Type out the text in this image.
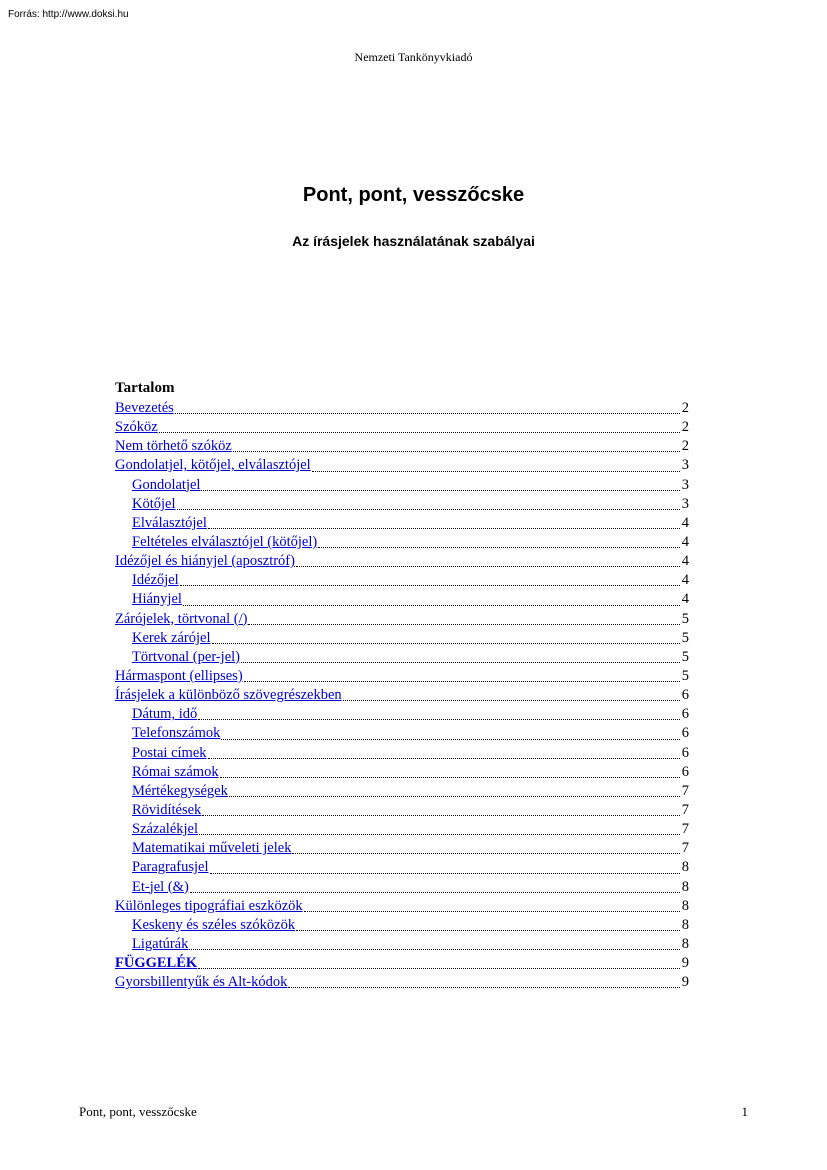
Forrás: http://www.doksi.hu
Nemzeti Tankönyvkiadó
Pont, pont, vesszőcske
Az írásjelek használatának szabályai
Tartalom
Bevezetés	2
Szóköz	2
Nem törhető szóköz	2
Gondolatjel, kötőjel, elválasztójel	3
Gondolatjel	3
Kötőjel	3
Elválasztójel	4
Feltételes elválasztójel (kötőjel)	4
Idézőjel és hiányjel (aposztróf)	4
Idézőjel	4
Hiányjel	4
Zárójelek, törtvonal (/)	5
Kerek zárójel	5
Törtvonal (per-jel)	5
Hármaspont (ellipses)	5
Írásjelek a különböző szövegrészekben	6
Dátum, idő	6
Telefonszámok	6
Postai címek	6
Római számok	6
Mértékegységek	7
Rövidítések	7
Százalékjel	7
Matematikai műveleti jelek	7
Paragrafusjel	8
Et-jel (&)	8
Különleges tipográfiai eszközök	8
Keskeny és széles szóközök	8
Ligatúrák	8
FÜGGELÉK	9
Gyorsbillentyűk és Alt-kódok	9
Pont, pont, vesszőcske	1
